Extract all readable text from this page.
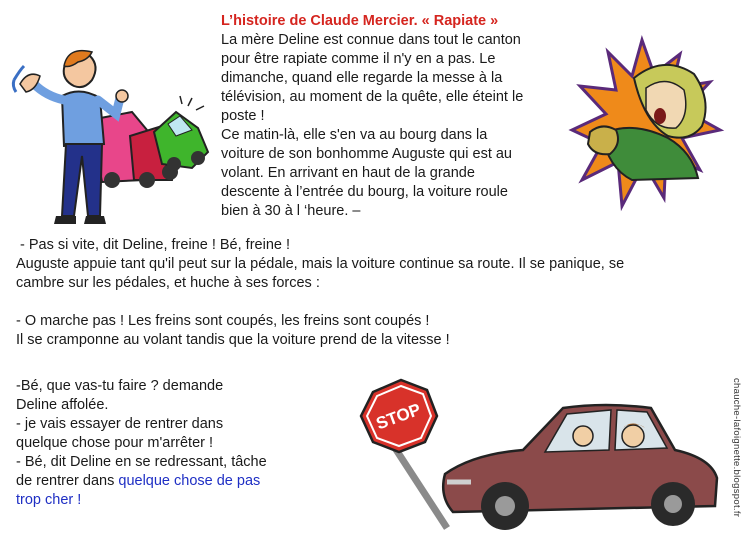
STOP
L’histoire de Claude Mercier. « Rapiate »
La mère Deline est connue dans tout le canton
pour être rapiate comme il n'y en a pas. Le
dimanche, quand elle regarde la messe à la
télévision, au moment de la quête, elle éteint le
poste !
Ce matin-là, elle s'en va au bourg dans la
voiture de son bonhomme Auguste qui est au
volant. En arrivant en haut de la grande
descente à l’entrée du bourg, la voiture roule
bien à 30 à l ‘heure. –
- Pas si vite, dit Deline, freine ! Bé, freine !
Auguste appuie tant qu'il peut sur la pédale, mais la voiture continue sa route. Il se panique, se
cambre sur les pédales, et huche à ses forces :
- O marche pas ! Les freins sont coupés, les freins sont coupés !
Il se cramponne au volant tandis que la voiture prend de la vitesse !
-Bé, que vas-tu faire ? demande
Deline affolée.
- je vais essayer de rentrer dans
quelque chose pour m'arrêter !
- Bé, dit Deline en se redressant, tâche
de rentrer dans quelque chose de pas
trop cher !	chauche-lafoignette.blogspot.fr
